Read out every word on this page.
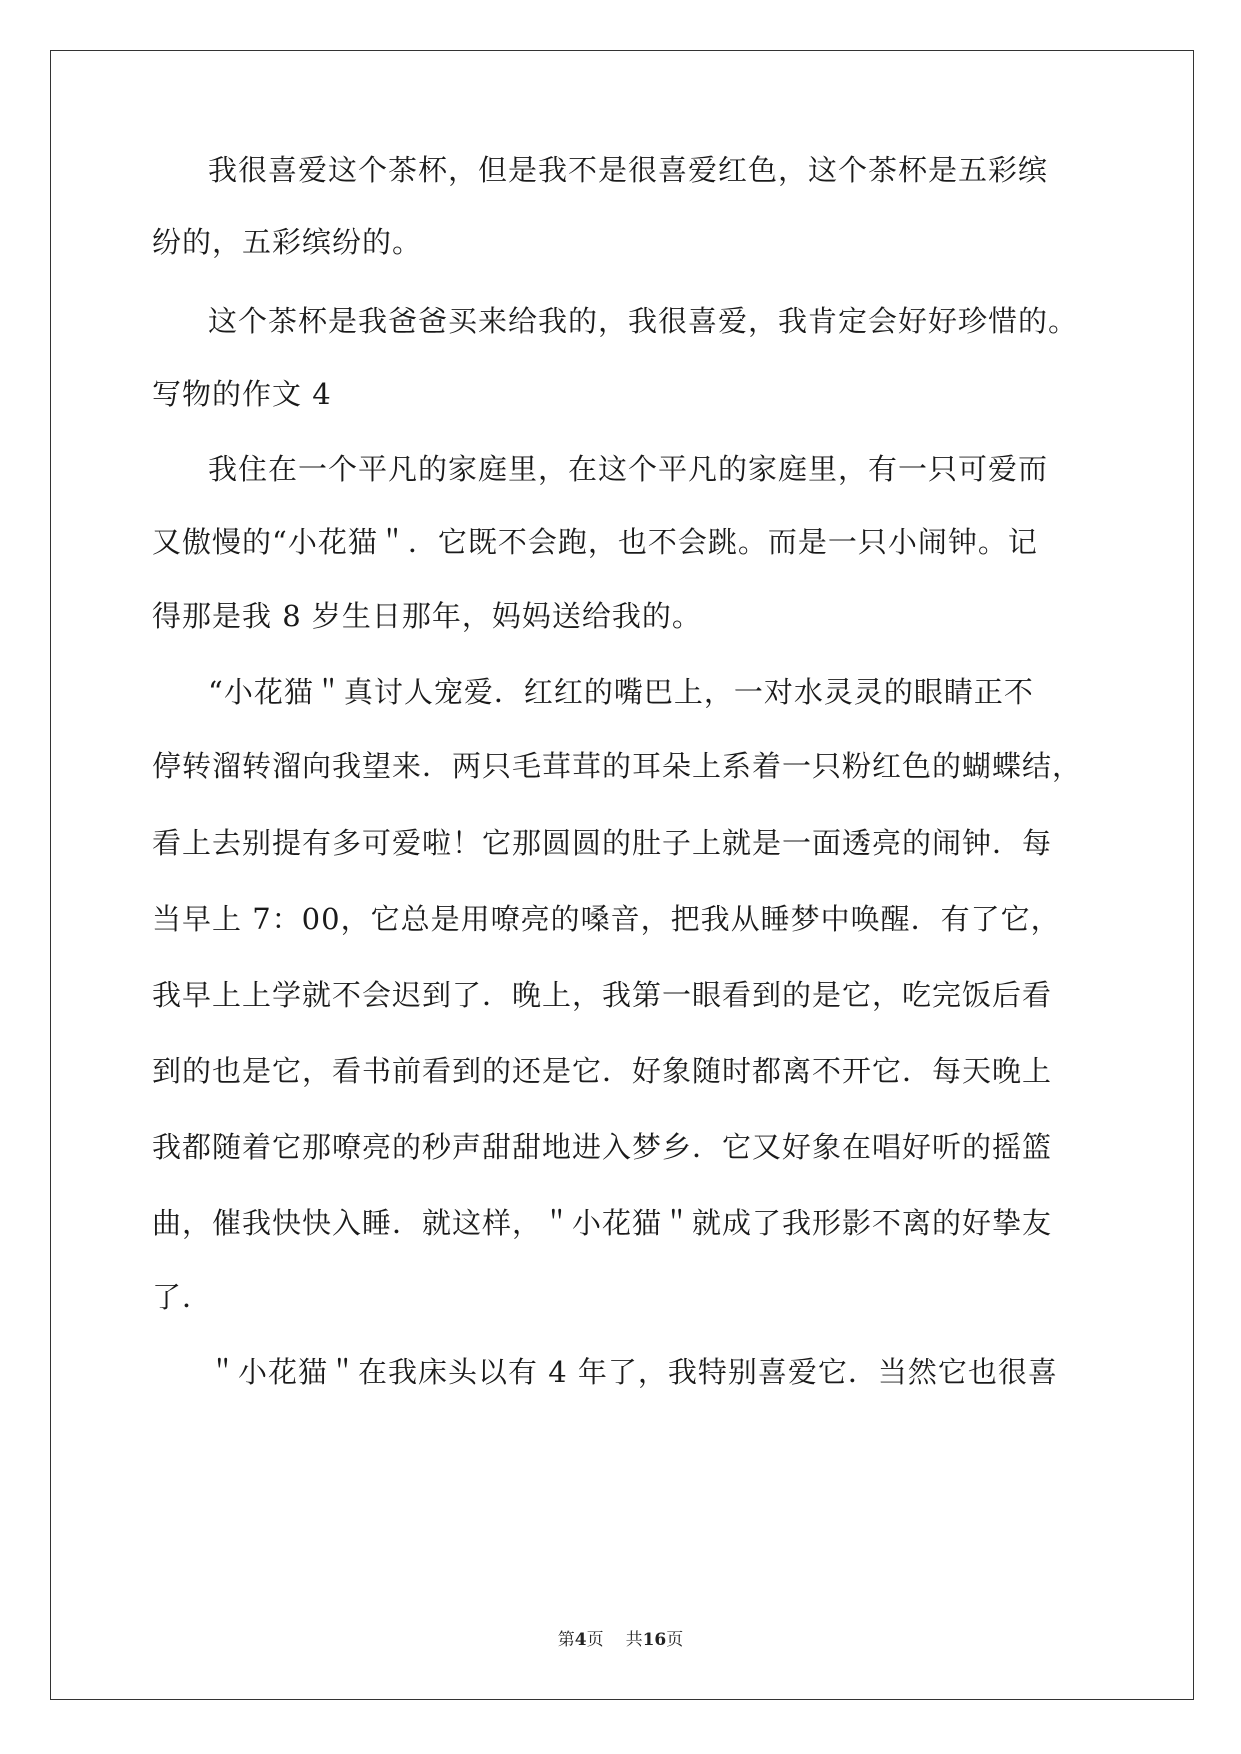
我很喜爱这个茶杯，但是我不是很喜爱红色，这个茶杯是五彩缤
纷的，五彩缤纷的。
这个茶杯是我爸爸买来给我的，我很喜爱，我肯定会好好珍惜的。
写物的作文 4
我住在一个平凡的家庭里，在这个平凡的家庭里，有一只可爱而
又傲慢的“小花猫＂．它既不会跑，也不会跳。而是一只小闹钟。记
得那是我 8 岁生日那年，妈妈送给我的。
“小花猫＂真讨人宠爱．红红的嘴巴上，一对水灵灵的眼睛正不
停转溜转溜向我望来．两只毛茸茸的耳朵上系着一只粉红色的蝴蝶结，
看上去别提有多可爱啦！它那圆圆的肚子上就是一面透亮的闹钟．每
当早上 7：00，它总是用嘹亮的嗓音，把我从睡梦中唤醒．有了它，
我早上上学就不会迟到了．晚上，我第一眼看到的是它，吃完饭后看
到的也是它，看书前看到的还是它．好象随时都离不开它．每天晚上
我都随着它那嘹亮的秒声甜甜地进入梦乡．它又好象在唱好听的摇篮
曲，催我快快入睡．就这样，＂小花猫＂就成了我形影不离的好挚友
了．
＂小花猫＂在我床头以有 4 年了，我特别喜爱它．当然它也很喜
第4页 共16页
